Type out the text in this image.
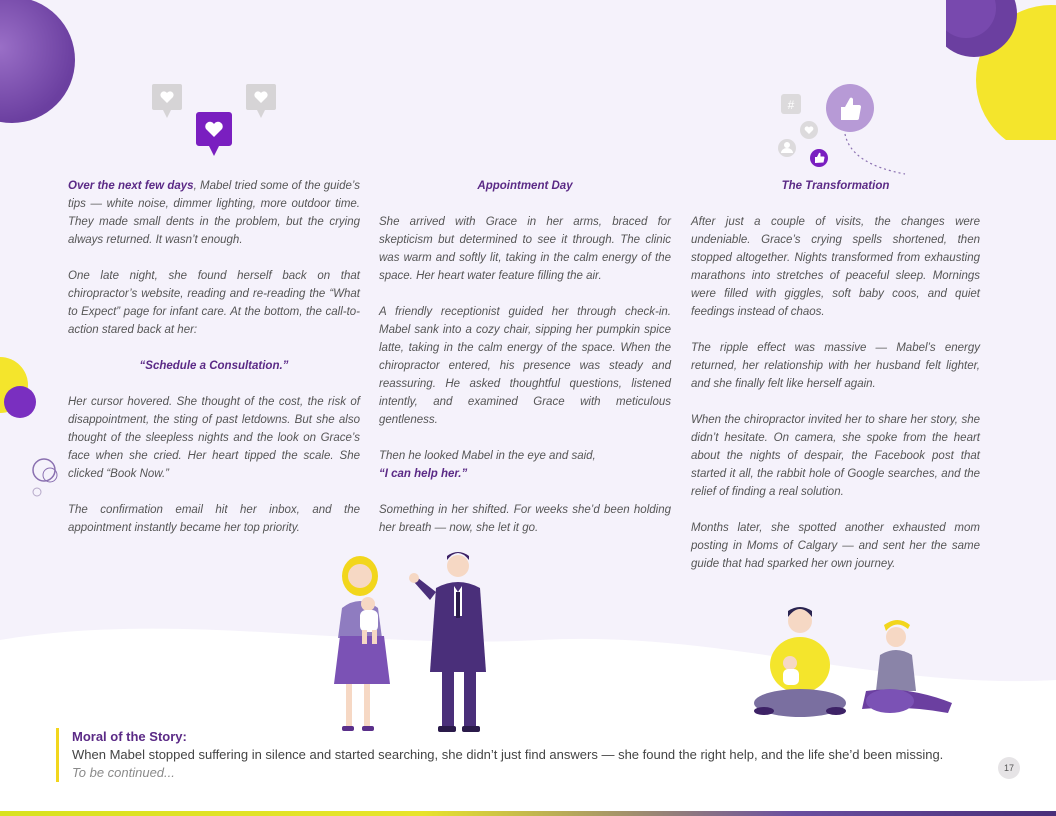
#

Over the next few days, Mabel tried some of the guide’s tips — white noise, dimmer lighting, more outdoor time. They made small dents in the problem, but the crying always returned. It wasn’t enough.

One late night, she found herself back on that chiropractor’s website, reading and re-reading the “What to Expect” page for infant care. At the bottom, the call-to-action stared back at her:

“Schedule a Consultation.”

Her cursor hovered. She thought of the cost, the risk of disappointment, the sting of past letdowns. But she also thought of the sleepless nights and the look on Grace’s face when she cried. Her heart tipped the scale. She clicked “Book Now.”

The confirmation email hit her inbox, and the appointment instantly became her top priority.

Appointment Day

She arrived with Grace in her arms, braced for skepticism but determined to see it through. The clinic was warm and softly lit, taking in the calm energy of the space. Her heart water feature filling the air.

A friendly receptionist guided her through check-in. Mabel sank into a cozy chair, sipping her pumpkin spice latte, taking in the calm energy of the space. When the chiropractor entered, his presence was steady and reassuring. He asked thoughtful questions, listened intently, and examined Grace with meticulous gentleness.

Then he looked Mabel in the eye and said,
“I can help her.”

Something in her shifted. For weeks she’d been holding her breath — now, she let it go.

The Transformation

After just a couple of visits, the changes were undeniable. Grace’s crying spells shortened, then stopped altogether. Nights transformed from exhausting marathons into stretches of peaceful sleep. Mornings were filled with giggles, soft baby coos, and quiet feedings instead of chaos.

The ripple effect was massive — Mabel’s energy returned, her relationship with her husband felt lighter, and she finally felt like herself again.

When the chiropractor invited her to share her story, she didn’t hesitate. On camera, she spoke from the heart about the nights of despair, the Facebook post that started it all, the rabbit hole of Google searches, and the relief of finding a real solution.

Months later, she spotted another exhausted mom posting in Moms of Calgary — and sent her the same guide that had sparked her own journey.

Moral of the Story:
When Mabel stopped suffering in silence and started searching, she didn’t just find answers — she found the right help, and the life she’d been missing.
To be continued...	17
